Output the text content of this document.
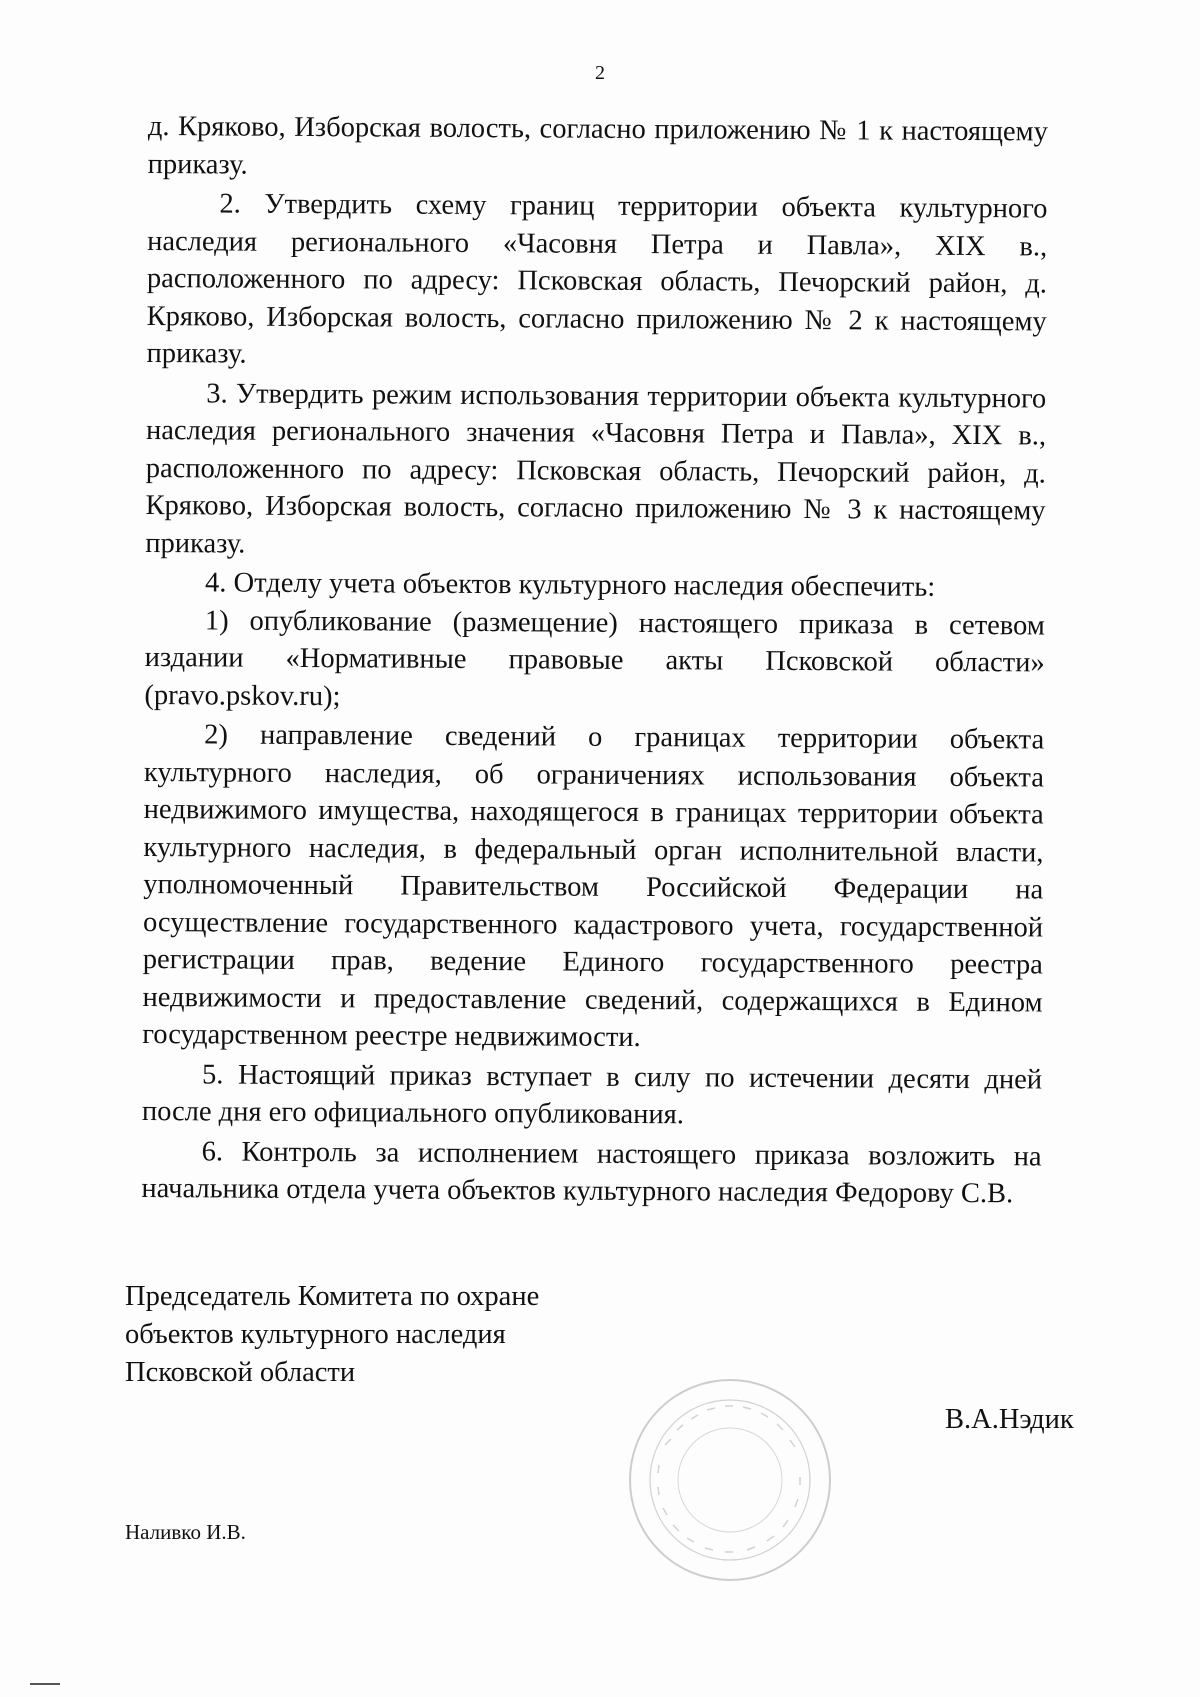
2

д. Кряково, Изборская волость, согласно приложению № 1 к настоящему приказу.

2. Утвердить схему границ территории объекта культурного наследия регионального «Часовня Петра и Павла», XIX в., расположенного по адресу: Псковская область, Печорский район, д. Кряково, Изборская волость, согласно приложению № 2 к настоящему приказу.

3. Утвердить режим использования территории объекта культурного наследия регионального значения «Часовня Петра и Павла», XIX в., расположенного по адресу: Псковская область, Печорский район, д. Кряково, Изборская волость, согласно приложению № 3 к настоящему приказу.

4. Отделу учета объектов культурного наследия обеспечить:

1) опубликование (размещение) настоящего приказа в сетевом издании «Нормативные правовые акты Псковской области» (pravo.pskov.ru);

2) направление сведений о границах территории объекта культурного наследия, об ограничениях использования объекта недвижимого имущества, находящегося в границах территории объекта культурного наследия, в федеральный орган исполнительной власти, уполномоченный Правительством Российской Федерации на осуществление государственного кадастрового учета, государственной регистрации прав, ведение Единого государственного реестра недвижимости и предоставление сведений, содержащихся в Едином государственном реестре недвижимости.

5. Настоящий приказ вступает в силу по истечении десяти дней после дня его официального опубликования.

6. Контроль за исполнением настоящего приказа возложить на начальника отдела учета объектов культурного наследия Федорову С.В.

Председатель Комитета по охране
объектов культурного наследия
Псковской области
В.А.Нэдик
Наливко И.В.
